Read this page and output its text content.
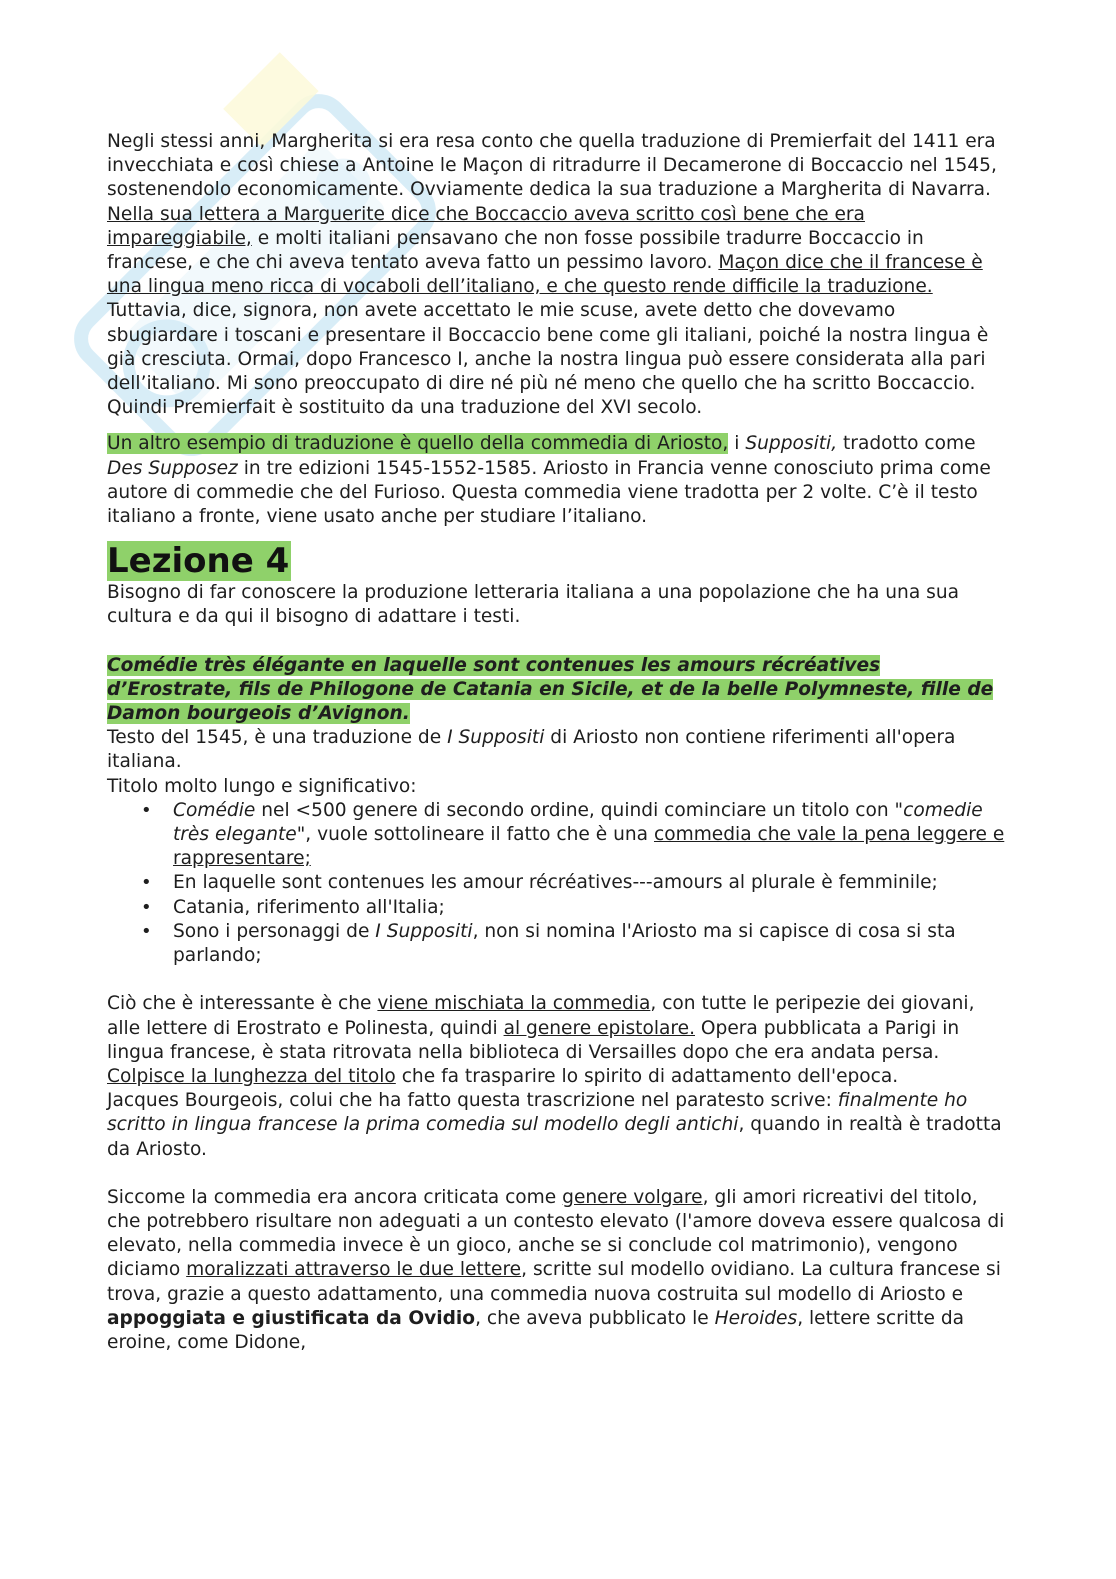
Negli stessi anni, Margherita si era resa conto che quella traduzione di Premierfait del 1411 era invecchiata e così chiese a Antoine le Maçon di ritradurre il Decamerone di Boccaccio nel 1545, sostenendolo economicamente. Ovviamente dedica la sua traduzione a Margherita di Navarra. Nella sua lettera a Marguerite dice che Boccaccio aveva scritto così bene che era impareggiabile, e molti italiani pensavano che non fosse possibile tradurre Boccaccio in francese, e che chi aveva tentato aveva fatto un pessimo lavoro. Maçon dice che il francese è una lingua meno ricca di vocaboli dell’italiano, e che questo rende difficile la traduzione. Tuttavia, dice, signora, non avete accettato le mie scuse, avete detto che dovevamo sbugiardare i toscani e presentare il Boccaccio bene come gli italiani, poiché la nostra lingua è già cresciuta. Ormai, dopo Francesco I, anche la nostra lingua può essere considerata alla pari dell’italiano. Mi sono preoccupato di dire né più né meno che quello che ha scritto Boccaccio. Quindi Premierfait è sostituito da una traduzione del XVI secolo.

Un altro esempio di traduzione è quello della commedia di Ariosto, i Suppositi, tradotto come Des Supposez in tre edizioni 1545-1552-1585. Ariosto in Francia venne conosciuto prima come autore di commedie che del Furioso. Questa commedia viene tradotta per 2 volte. C’è il testo italiano a fronte, viene usato anche per studiare l’italiano.

Lezione 4

Bisogno di far conoscere la produzione letteraria italiana a una popolazione che ha una sua cultura e da qui il bisogno di adattare i testi.

Comédie très élégante en laquelle sont contenues les amours récréatives d’Erostrate, fils de Philogone de Catania en Sicile, et de la belle Polymneste, fille de Damon bourgeois d’Avignon.

Testo del 1545, è una traduzione de I Suppositi di Ariosto non contiene riferimenti all'opera italiana.

Titolo molto lungo e significativo:

• Comédie nel <500 genere di secondo ordine, quindi cominciare un titolo con "comedie très elegante", vuole sottolineare il fatto che è una commedia che vale la pena leggere e rappresentare;
• En laquelle sont contenues les amour récréatives---amours al plurale è femminile;
• Catania, riferimento all'Italia;
• Sono i personaggi de I Suppositi, non si nomina l'Ariosto ma si capisce di cosa si sta parlando;

Ciò che è interessante è che viene mischiata la commedia, con tutte le peripezie dei giovani, alle lettere di Erostrato e Polinesta, quindi al genere epistolare. Opera pubblicata a Parigi in lingua francese, è stata ritrovata nella biblioteca di Versailles dopo che era andata persa.

Colpisce la lunghezza del titolo che fa trasparire lo spirito di adattamento dell'epoca.

Jacques Bourgeois, colui che ha fatto questa trascrizione nel paratesto scrive: finalmente ho scritto in lingua francese la prima comedia sul modello degli antichi, quando in realtà è tradotta da Ariosto.

Siccome la commedia era ancora criticata come genere volgare, gli amori ricreativi del titolo, che potrebbero risultare non adeguati a un contesto elevato (l'amore doveva essere qualcosa di elevato, nella commedia invece è un gioco, anche se si conclude col matrimonio), vengono diciamo moralizzati attraverso le due lettere, scritte sul modello ovidiano. La cultura francese si trova, grazie a questo adattamento, una commedia nuova costruita sul modello di Ariosto e appoggiata e giustificata da Ovidio, che aveva pubblicato le Heroides, lettere scritte da eroine, come Didone,
